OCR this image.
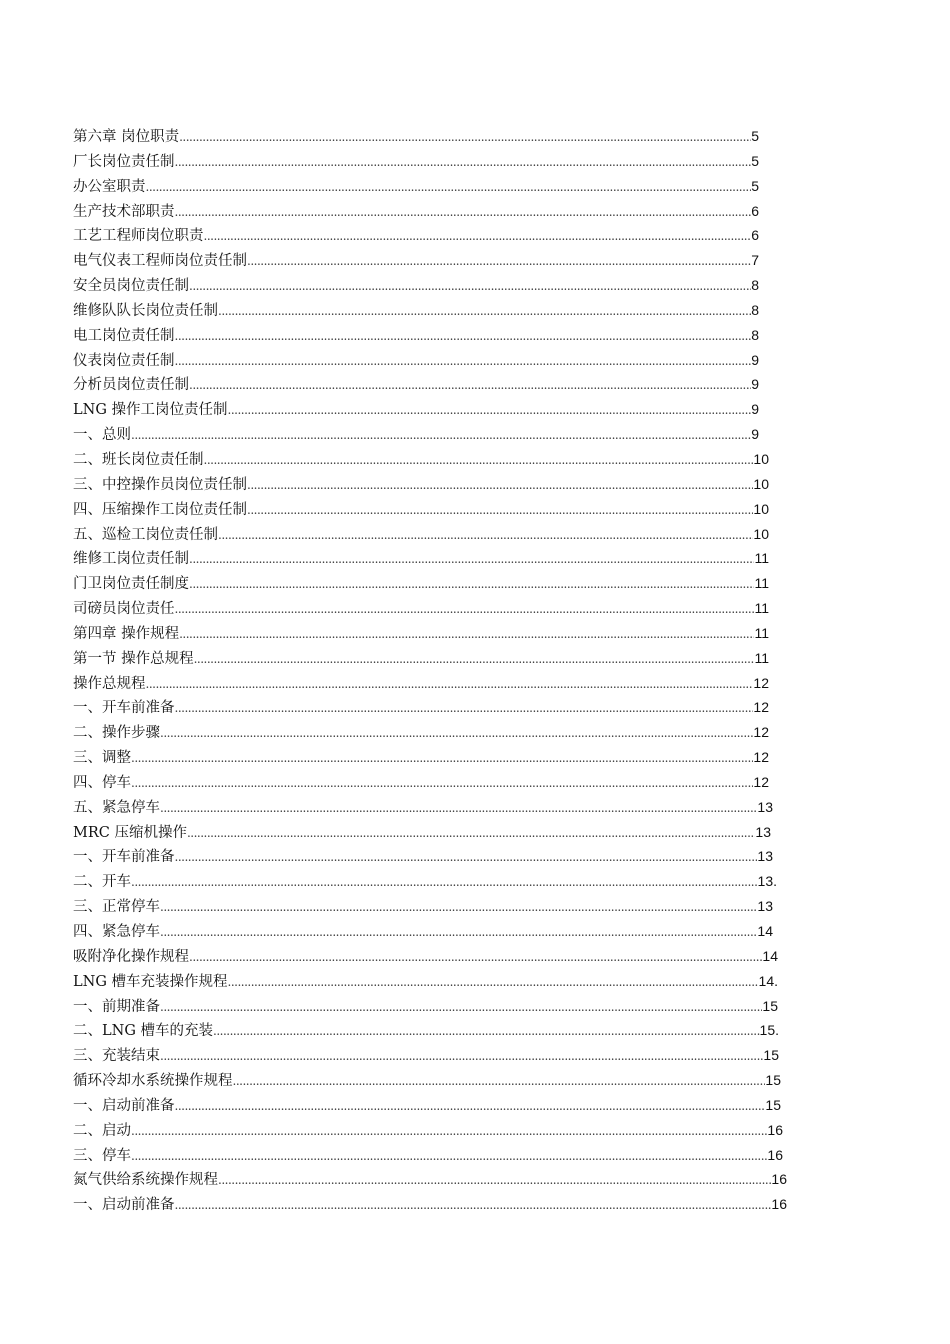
第六章 岗位职责 .....	5
厂长岗位责任制 .....	5
办公室职责 .....	5
生产技术部职责 .....	6
工艺工程师岗位职责 .....	6
电气仪表工程师岗位责任制 .....	7
安全员岗位责任制 .....	8
维修队队长岗位责任制 .....	8
电工岗位责任制 .....	8
仪表岗位责任制 .....	9
分析员岗位责任制 .....	9
LNG 操作工岗位责任制 .....	9
一、总则 .....	9
二、班长岗位责任制 .....	10
三、中控操作员岗位责任制 .....	10
四、压缩操作工岗位责任制 .....	10
五、巡检工岗位责任制 .....	10
维修工岗位责任制 .....	11
门卫岗位责任制度 .....	11
司磅员岗位责任 .....	11
第四章 操作规程 .....	11
第一节 操作总规程 .....	11
操作总规程 .....	12
一、开车前准备 .....	12
二、操作步骤 .....	12
三、调整 .....	12
四、停车 .....	12
五、紧急停车 .....	13
MRC 压缩机操作 .....	13
一、开车前准备 .....	13
二、开车 .....	13.
三、正常停车 .....	13
四、紧急停车 .....	14
吸附净化操作规程 .....	14
LNG 槽车充装操作规程 .....	14.
一、前期准备 .....	15
二、LNG 槽车的充装 .....	15.
三、充装结束 .....	15
循环冷却水系统操作规程 .....	15
一、启动前准备 .....	15
二、启动 .....	16
三、停车 .....	16
氮气供给系统操作规程 .....	16
一、启动前准备 .....	16
